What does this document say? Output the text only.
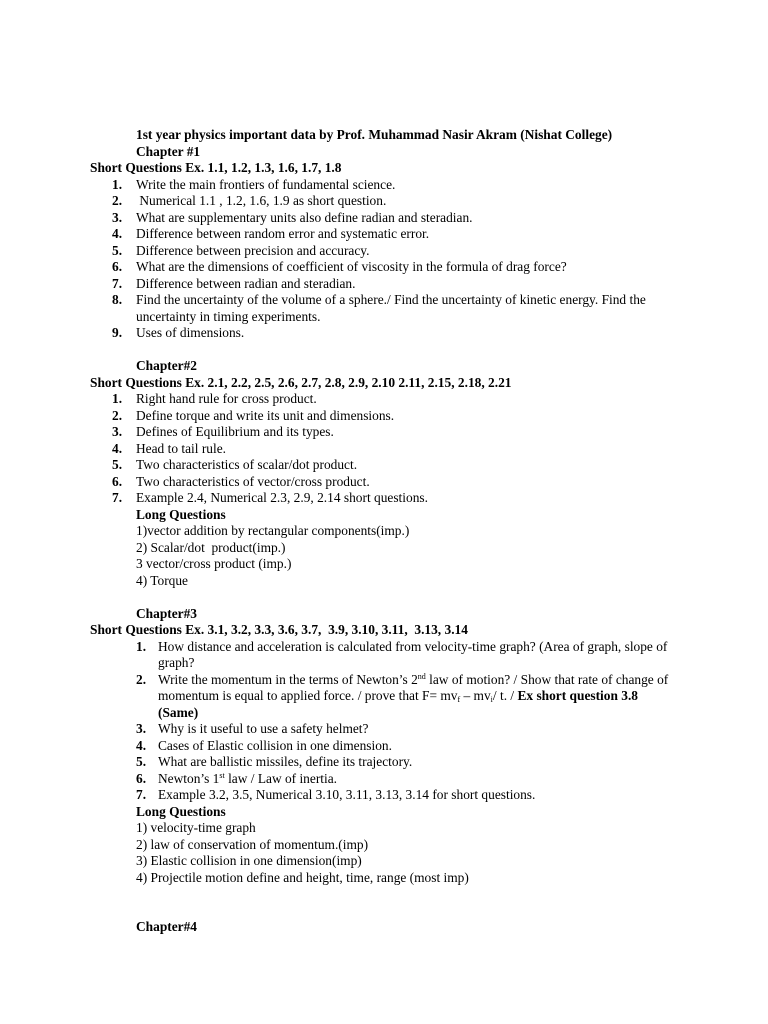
1st year physics important data by Prof. Muhammad Nasir Akram (Nishat College)
Chapter #1
Short Questions Ex. 1.1, 1.2, 1.3, 1.6, 1.7, 1.8
1. Write the main frontiers of fundamental science.
2. Numerical 1.1 , 1.2, 1.6, 1.9 as short question.
3. What are supplementary units also define radian and steradian.
4. Difference between random error and systematic error.
5. Difference between precision and accuracy.
6. What are the dimensions of coefficient of viscosity in the formula of drag force?
7. Difference between radian and steradian.
8. Find the uncertainty of the volume of a sphere./ Find the uncertainty of kinetic energy. Find the uncertainty in timing experiments.
9. Uses of dimensions.
Chapter#2
Short Questions Ex. 2.1, 2.2, 2.5, 2.6, 2.7, 2.8, 2.9, 2.10 2.11, 2.15, 2.18, 2.21
1. Right hand rule for cross product.
2. Define torque and write its unit and dimensions.
3. Defines of Equilibrium and its types.
4. Head to tail rule.
5. Two characteristics of scalar/dot product.
6. Two characteristics of vector/cross product.
7. Example 2.4, Numerical 2.3, 2.9, 2.14 short questions.
Long Questions
1)vector addition by rectangular components(imp.)
2) Scalar/dot  product(imp.)
3 vector/cross product (imp.)
4) Torque
Chapter#3
Short Questions Ex. 3.1, 3.2, 3.3, 3.6, 3.7,  3.9, 3.10, 3.11,  3.13, 3.14
1. How distance and acceleration is calculated from velocity-time graph? (Area of graph, slope of graph?
2. Write the momentum in the terms of Newton’s 2nd law of motion? / Show that rate of change of momentum is equal to applied force. / prove that $F= mv_f - mv_i/$ t. / Ex short question 3.8 (Same)
3. Why is it useful to use a safety helmet?
4. Cases of Elastic collision in one dimension.
5. What are ballistic missiles, define its trajectory.
6. Newton’s 1st law / Law of inertia.
7. Example 3.2, 3.5, Numerical 3.10, 3.11, 3.13, 3.14 for short questions.
Long Questions
1) velocity-time graph
2) law of conservation of momentum.(imp)
3) Elastic collision in one dimension(imp)
4) Projectile motion define and height, time, range (most imp)
Chapter#4
